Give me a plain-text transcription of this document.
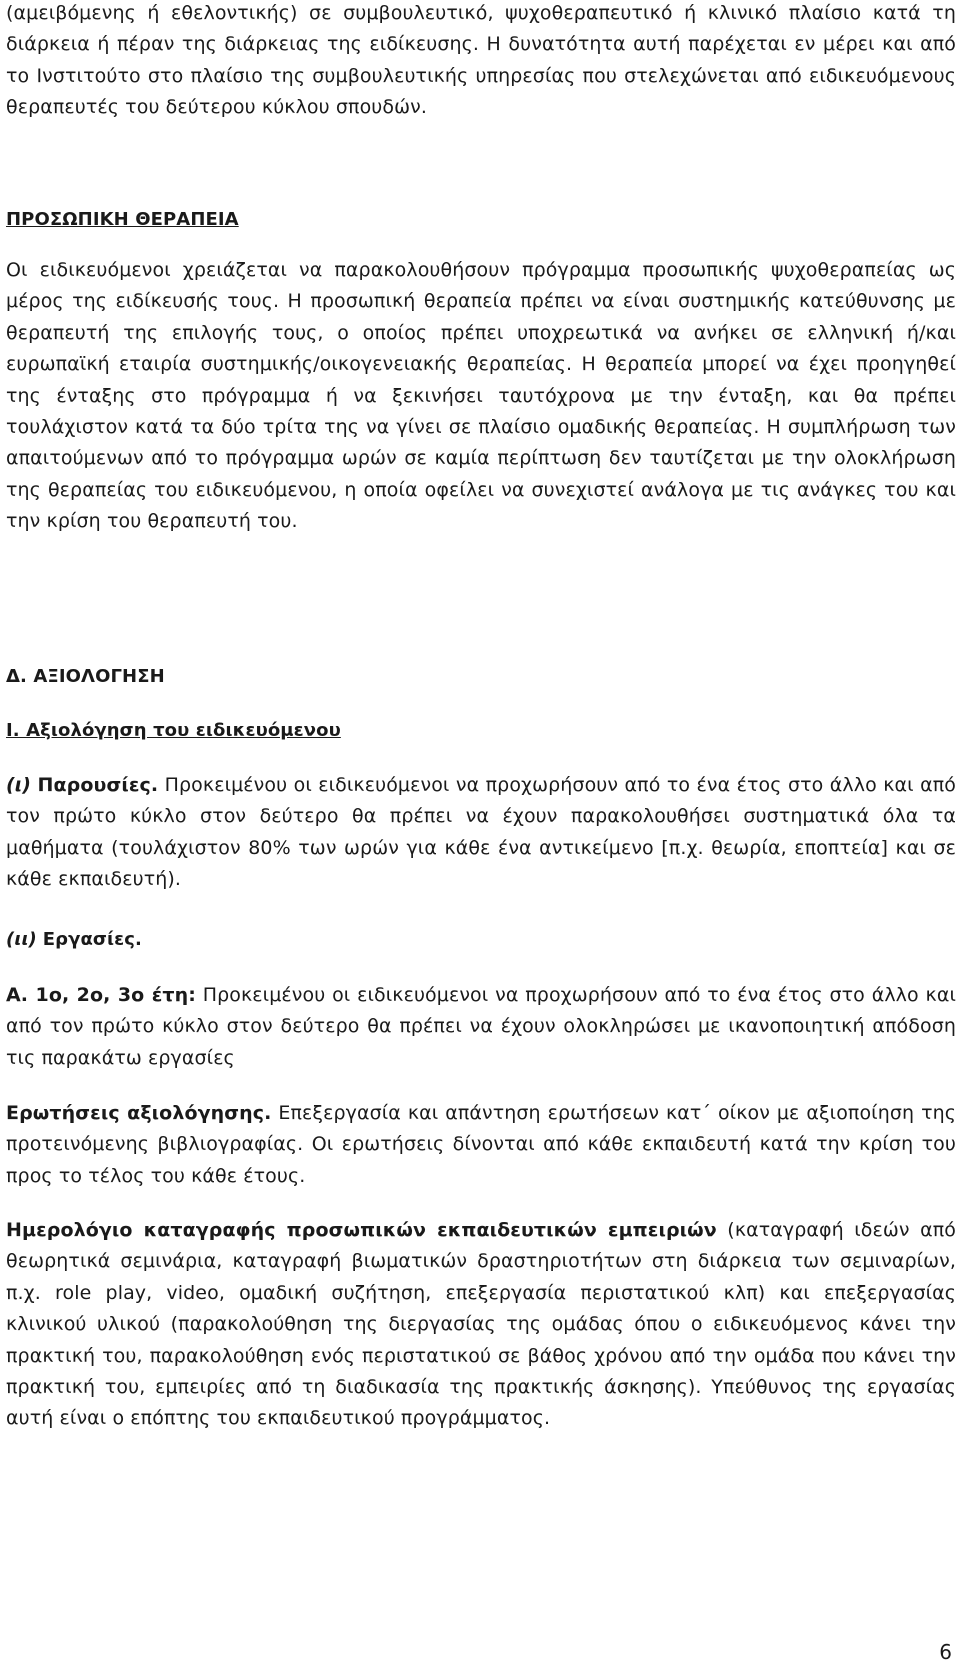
(αμειβόμενης ή εθελοντικής) σε συμβουλευτικό, ψυχοθεραπευτικό ή κλινικό πλαίσιο κατά τη διάρκεια ή πέραν της διάρκειας της ειδίκευσης. Η δυνατότητα αυτή παρέχεται εν μέρει και από το Ινστιτούτο στο πλαίσιο της συμβουλευτικής υπηρεσίας που στελεχώνεται από ειδικευόμενους θεραπευτές του δεύτερου κύκλου σπουδών.

ΠΡΟΣΩΠΙΚΗ ΘΕΡΑΠΕΙΑ

Οι ειδικευόμενοι χρειάζεται να παρακολουθήσουν πρόγραμμα προσωπικής ψυχοθεραπείας ως μέρος της ειδίκευσής τους. Η προσωπική θεραπεία πρέπει να είναι συστημικής κατεύθυνσης με θεραπευτή της επιλογής τους, ο οποίος πρέπει υποχρεωτικά να ανήκει σε ελληνική ή/και ευρωπαϊκή εταιρία συστημικής/οικογενειακής θεραπείας. Η θεραπεία μπορεί να έχει προηγηθεί της ένταξης στο πρόγραμμα ή να ξεκινήσει ταυτόχρονα με την ένταξη, και θα πρέπει τουλάχιστον κατά τα δύο τρίτα της να γίνει σε πλαίσιο ομαδικής θεραπείας. Η συμπλήρωση των απαιτούμενων από το πρόγραμμα ωρών σε καμία περίπτωση δεν ταυτίζεται με την ολοκλήρωση της θεραπείας του ειδικευόμενου, η οποία οφείλει να συνεχιστεί ανάλογα με τις ανάγκες του και την κρίση του θεραπευτή του.

Δ. ΑΞΙΟΛΟΓΗΣΗ
Ι. Αξιολόγηση του ειδικευόμενου

(ι) Παρουσίες. Προκειμένου οι ειδικευόμενοι να προχωρήσουν από το ένα έτος στο άλλο και από τον πρώτο κύκλο στον δεύτερο θα πρέπει να έχουν παρακολουθήσει συστηματικά όλα τα μαθήματα (τουλάχιστον 80% των ωρών για κάθε ένα αντικείμενο [π.χ. θεωρία, εποπτεία] και σε κάθε εκπαιδευτή).

(ιι) Εργασίες.

Α. 1ο, 2ο, 3ο έτη: Προκειμένου οι ειδικευόμενοι να προχωρήσουν από το ένα έτος στο άλλο και από τον πρώτο κύκλο στον δεύτερο θα πρέπει να έχουν ολοκληρώσει με ικανοποιητική απόδοση τις παρακάτω εργασίες

Ερωτήσεις αξιολόγησης. Επεξεργασία και απάντηση ερωτήσεων κατ΄ οίκον με αξιοποίηση της προτεινόμενης βιβλιογραφίας. Οι ερωτήσεις δίνονται από κάθε εκπαιδευτή κατά την κρίση του προς το τέλος του κάθε έτους.

Ημερολόγιο καταγραφής προσωπικών εκπαιδευτικών εμπειριών (καταγραφή ιδεών από θεωρητικά σεμινάρια, καταγραφή βιωματικών δραστηριοτήτων στη διάρκεια των σεμιναρίων, π.χ. role play, video, ομαδική συζήτηση, επεξεργασία περιστατικού κλπ) και επεξεργασίας κλινικού υλικού (παρακολούθηση της διεργασίας της ομάδας όπου ο ειδικευόμενος κάνει την πρακτική του, παρακολούθηση ενός περιστατικού σε βάθος χρόνου από την ομάδα που κάνει την πρακτική του, εμπειρίες από τη διαδικασία της πρακτικής άσκησης). Υπεύθυνος της εργασίας αυτή είναι ο επόπτης του εκπαιδευτικού προγράμματος.

6
